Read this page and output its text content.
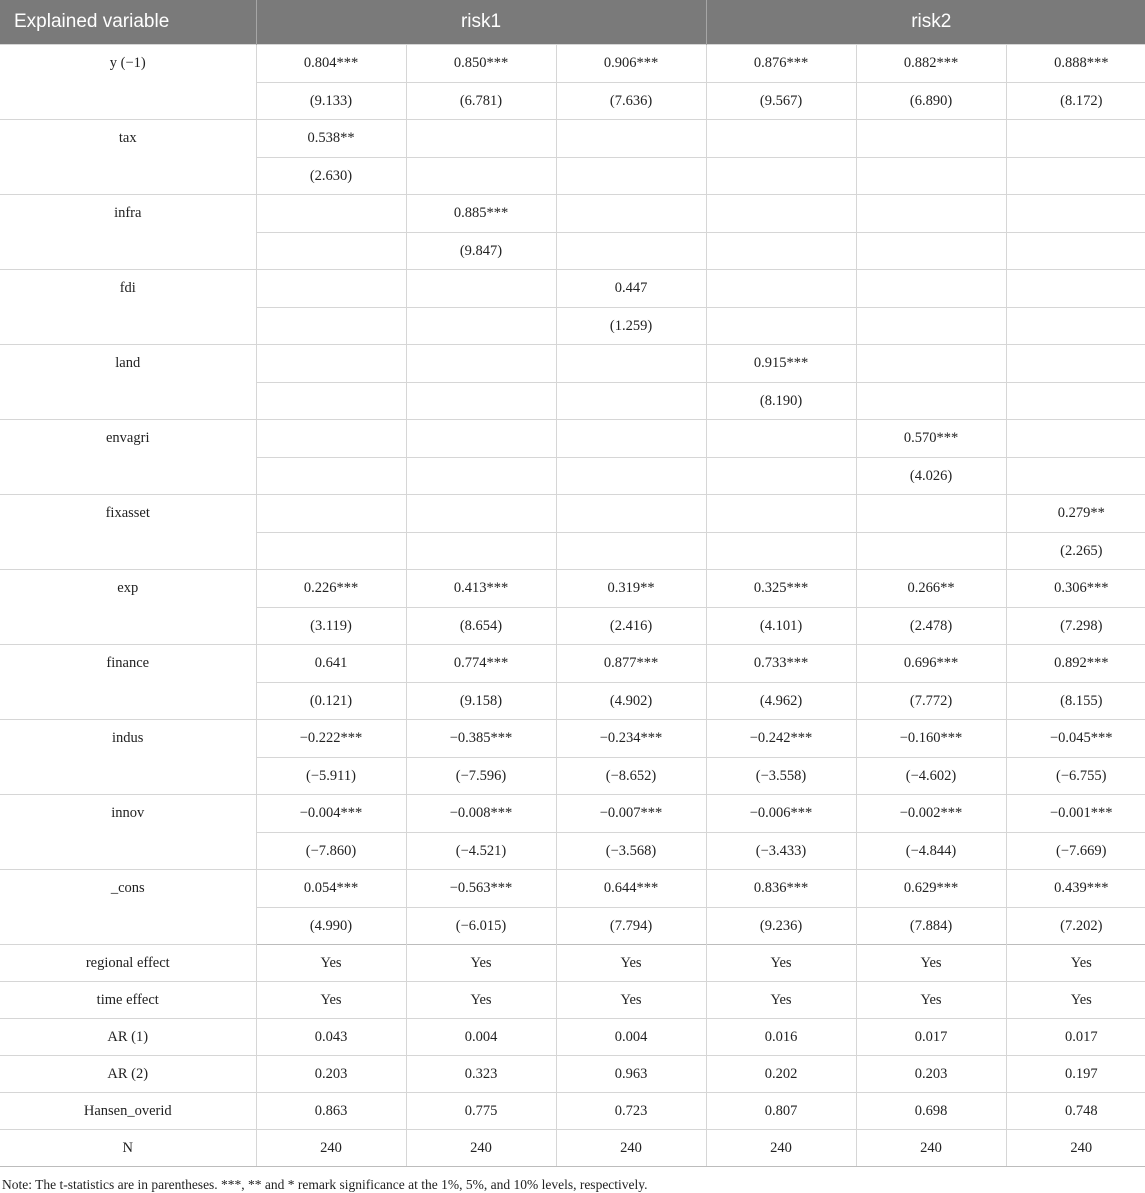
Explained variable	risk1			risk2		
y (−1)	0.804***	0.850***	0.906***	0.876***	0.882***	0.888***
	(9.133)	(6.781)	(7.636)	(9.567)	(6.890)	(8.172)
tax	0.538**					
	(2.630)					
infra		0.885***				
		(9.847)				
fdi			0.447			
			(1.259)			
land				0.915***		
				(8.190)		
envagri					0.570***	
					(4.026)	
fixasset						0.279**
						(2.265)
exp	0.226***	0.413***	0.319**	0.325***	0.266**	0.306***
	(3.119)	(8.654)	(2.416)	(4.101)	(2.478)	(7.298)
finance	0.641	0.774***	0.877***	0.733***	0.696***	0.892***
	(0.121)	(9.158)	(4.902)	(4.962)	(7.772)	(8.155)
indus	−0.222***	−0.385***	−0.234***	−0.242***	−0.160***	−0.045***
	(−5.911)	(−7.596)	(−8.652)	(−3.558)	(−4.602)	(−6.755)
innov	−0.004***	−0.008***	−0.007***	−0.006***	−0.002***	−0.001***
	(−7.860)	(−4.521)	(−3.568)	(−3.433)	(−4.844)	(−7.669)
_cons	0.054***	−0.563***	0.644***	0.836***	0.629***	0.439***
	(4.990)	(−6.015)	(7.794)	(9.236)	(7.884)	(7.202)
regional effect	Yes	Yes	Yes	Yes	Yes	Yes
time effect	Yes	Yes	Yes	Yes	Yes	Yes
AR (1)	0.043	0.004	0.004	0.016	0.017	0.017
AR (2)	0.203	0.323	0.963	0.202	0.203	0.197
Hansen_overid	0.863	0.775	0.723	0.807	0.698	0.748
N	240	240	240	240	240	240

Note: The t-statistics are in parentheses. ***, ** and * remark significance at the 1%, 5%, and 10% levels, respectively.
